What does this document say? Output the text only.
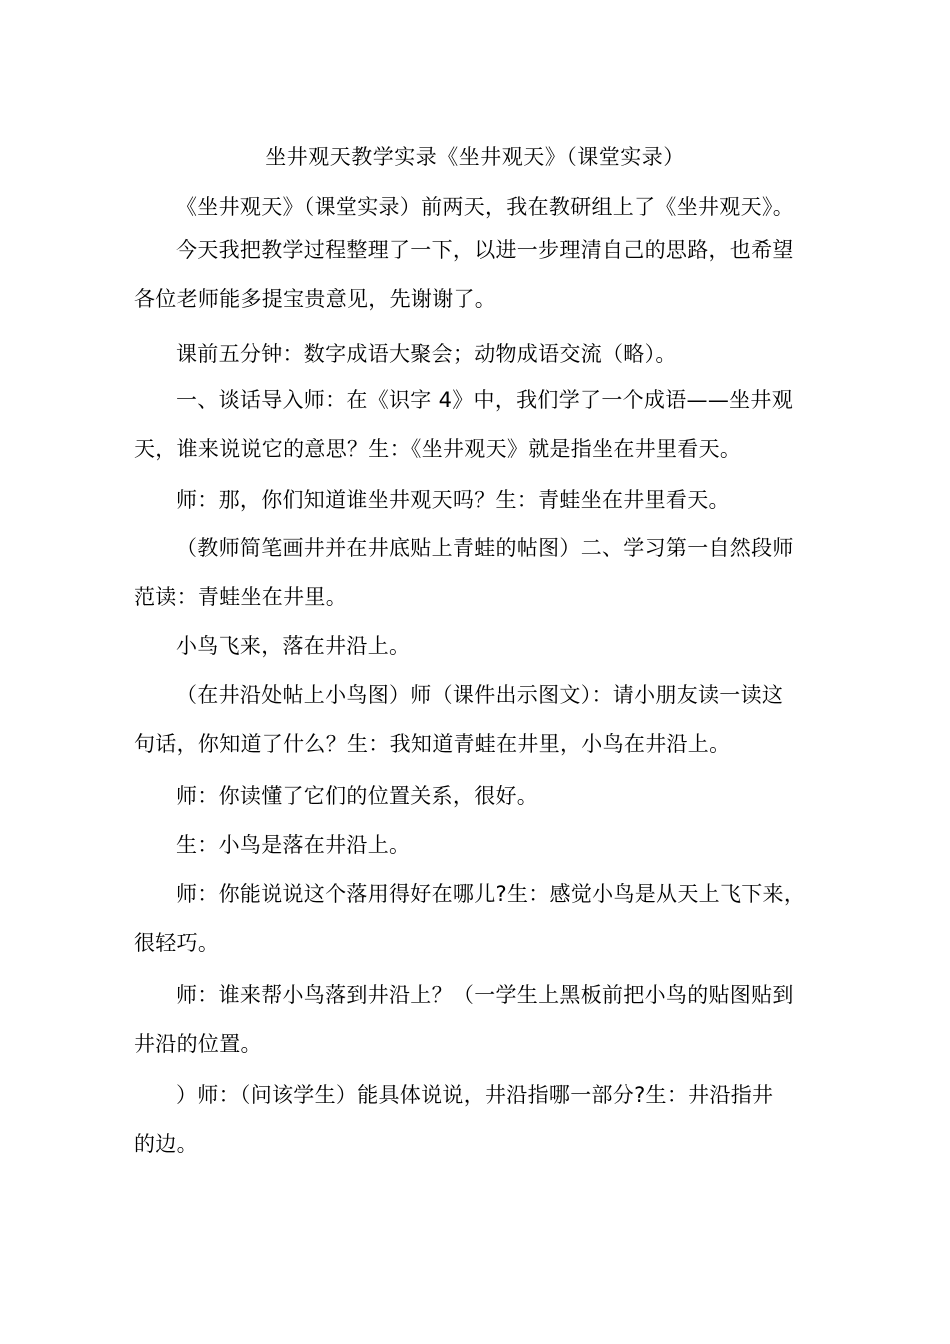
坐井观天教学实录《坐井观天》（课堂实录）
《坐井观天》（课堂实录）前两天，我在教研组上了《坐井观天》。
今天我把教学过程整理了一下，以进一步理清自己的思路，也希望
各位老师能多提宝贵意见，先谢谢了。
课前五分钟：数字成语大聚会；动物成语交流（略）。
一、谈话导入师：在《识字 4》中，我们学了一个成语——坐井观
天，谁来说说它的意思？生：《坐井观天》就是指坐在井里看天。
师：那，你们知道谁坐井观天吗？生：青蛙坐在井里看天。
（教师简笔画井并在井底贴上青蛙的帖图）二、学习第一自然段师
范读：青蛙坐在井里。
小鸟飞来，落在井沿上。
（在井沿处帖上小鸟图）师（课件出示图文）：请小朋友读一读这
句话，你知道了什么？生：我知道青蛙在井里，小鸟在井沿上。
师：你读懂了它们的位置关系，很好。
生：小鸟是落在井沿上。
师：你能说说这个落用得好在哪儿?生：感觉小鸟是从天上飞下来，
很轻巧。
师：谁来帮小鸟落到井沿上？（一学生上黑板前把小鸟的贴图贴到
井沿的位置。
）师：（问该学生）能具体说说，井沿指哪一部分?生：井沿指井
的边。
